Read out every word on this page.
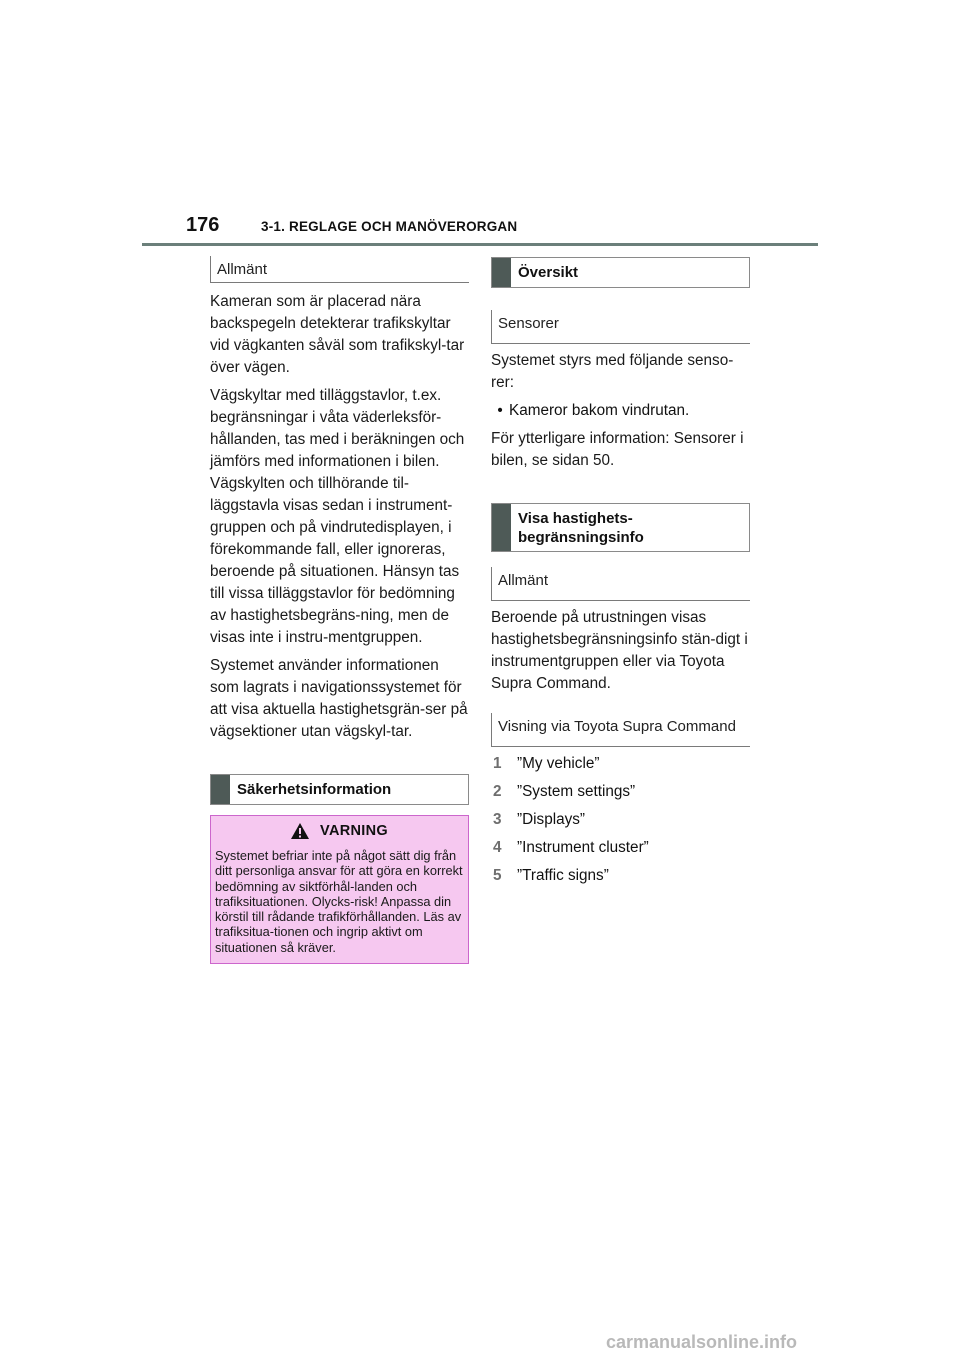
176	3-1. REGLAGE OCH MANÖVERORGAN
Allmänt

Kameran som är placerad nära backspegeln detekterar trafikskyltar vid vägkanten såväl som trafikskyl-tar över vägen.

Vägskyltar med tilläggstavlor, t.ex. begränsningar i våta väderleksför-hållanden, tas med i beräkningen och jämförs med informationen i bilen. Vägskylten och tillhörande til-läggstavla visas sedan i instrument-gruppen och på vindrutedisplayen, i förekommande fall, eller ignoreras, beroende på situationen. Hänsyn tas till vissa tilläggstavlor för bedömning av hastighetsbegräns-ning, men de visas inte i instru-mentgruppen.

Systemet använder informationen som lagrats i navigationssystemet för att visa aktuella hastighetsgrän-ser på vägsektioner utan vägskyl-tar.

Säkerhetsinformation
VARNING
Systemet befriar inte på något sätt dig från ditt personliga ansvar för att göra en korrekt bedömning av siktförhål-landen och trafiksituationen. Olycks-risk! Anpassa din körstil till rådande trafikförhållanden. Läs av trafiksitua-tionen och ingrip aktivt om situationen så kräver.
Översikt
Sensorer

Systemet styrs med följande senso-rer:

• Kameror bakom vindrutan.

För ytterligare information: Sensorer i bilen, se sidan 50.

Visa hastighets-begränsningsinfo
Allmänt

Beroende på utrustningen visas hastighetsbegränsningsinfo stän-digt i instrumentgruppen eller via Toyota Supra Command.

Visning via Toyota Supra Command
1	”My vehicle”
2	”System settings”
3	”Displays”
4	”Instrument cluster”
5	”Traffic signs”
carmanualsonline.info
